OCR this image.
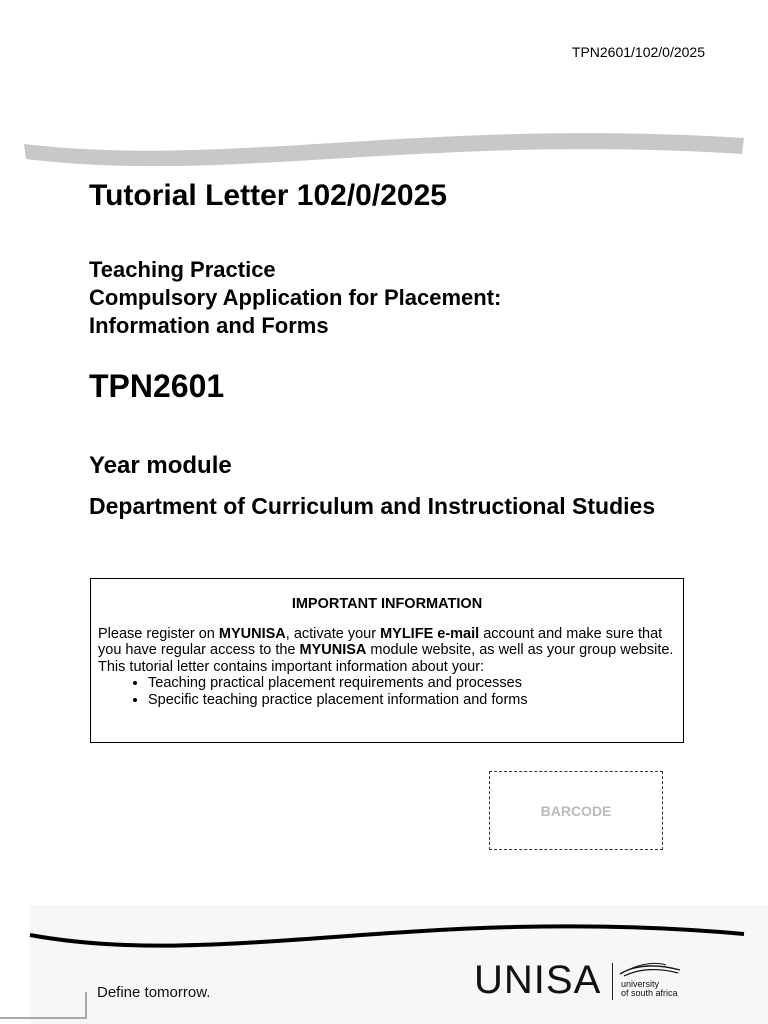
TPN2601/102/0/2025
Tutorial Letter 102/0/2025
Teaching Practice
Compulsory Application for Placement:
Information and Forms
TPN2601
Year module
Department of Curriculum and Instructional Studies
IMPORTANT INFORMATION

Please register on MYUNISA, activate your MYLIFE e-mail account and make sure that you have regular access to the MYUNISA module website, as well as your group website.

This tutorial letter contains important information about your:

• Teaching practical placement requirements and processes
• Specific teaching practice placement information and forms
BARCODE
Define tomorrow.	UNISA university
of south africa
